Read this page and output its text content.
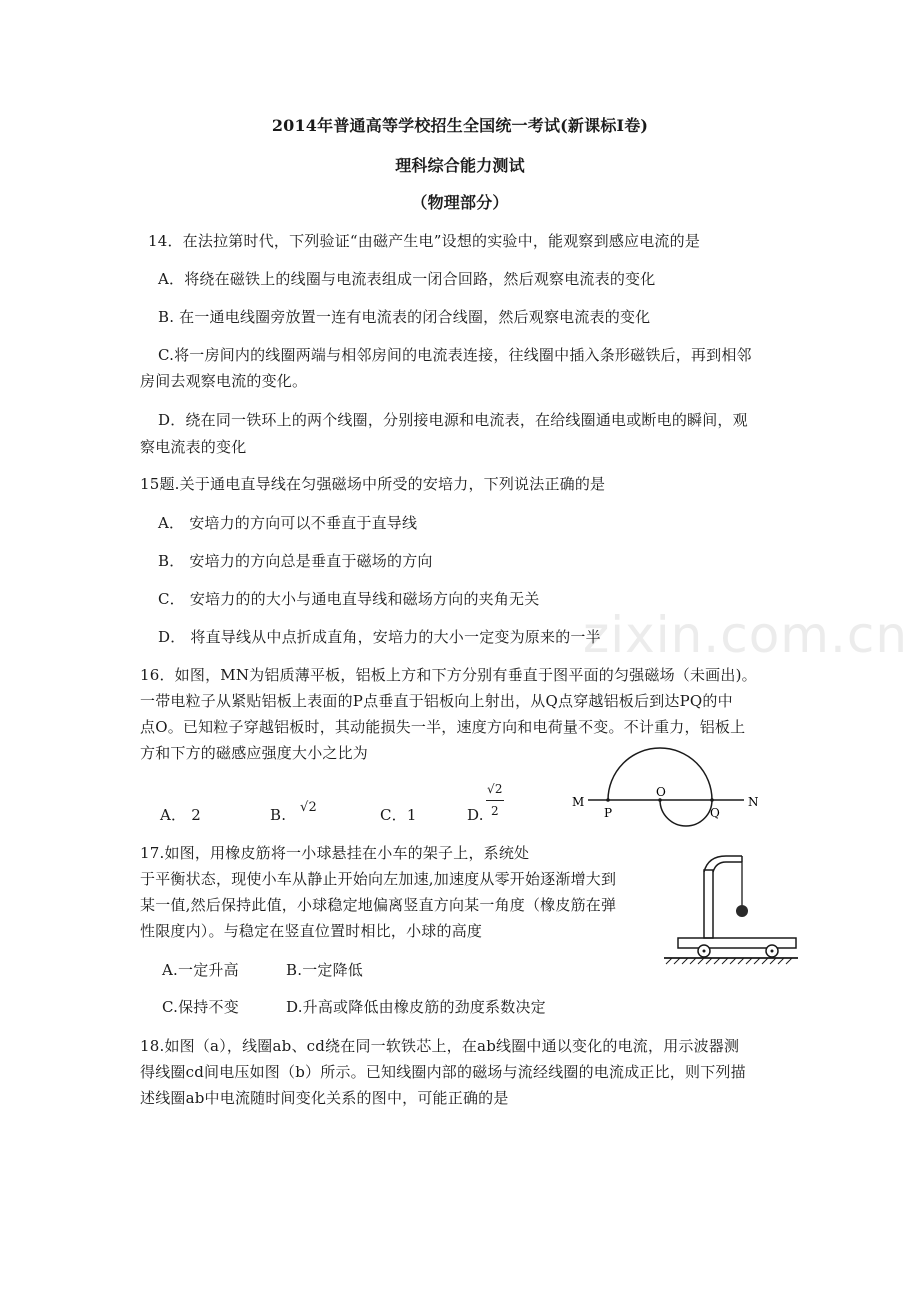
zixin.com.cn
2014年普通高等学校招生全国统一考试(新课标Ⅰ卷)
理科综合能力测试
（物理部分）
14．在法拉第时代，下列验证“由磁产生电”设想的实验中，能观察到感应电流的是
A．将绕在磁铁上的线圈与电流表组成一闭合回路，然后观察电流表的变化
B. 在一通电线圈旁放置一连有电流表的闭合线圈，然后观察电流表的变化
C.将一房间内的线圈两端与相邻房间的电流表连接，往线圈中插入条形磁铁后，再到相邻
房间去观察电流的变化。
D．绕在同一铁环上的两个线圈，分别接电源和电流表，在给线圈通电或断电的瞬间，观
察电流表的变化
15题.关于通电直导线在匀强磁场中所受的安培力，下列说法正确的是
A． 安培力的方向可以不垂直于直导线
B． 安培力的方向总是垂直于磁场的方向
C． 安培力的的大小与通电直导线和磁场方向的夹角无关
D． 将直导线从中点折成直角，安培力的大小一定变为原来的一半
16．如图，MN为铝质薄平板，铝板上方和下方分别有垂直于图平面的匀强磁场（未画出)。
一带电粒子从紧贴铝板上表面的P点垂直于铝板向上射出，从Q点穿越铝板后到达PQ的中
点O。已知粒子穿越铝板时，其动能损失一半，速度方向和电荷量不变。不计重力，铝板上
方和下方的磁感应强度大小之比为
A． 2	B. √2	C．1	D.
√2
2
M	N
P
O
Q
17.如图，用橡皮筋将一小球悬挂在小车的架子上，系统处
于平衡状态，现使小车从静止开始向左加速,加速度从零开始逐渐增大到
某一值,然后保持此值，小球稳定地偏离竖直方向某一角度（橡皮筋在弹
性限度内）。与稳定在竖直位置时相比，小球的高度
A.一定升高	B.一定降低
C.保持不变	D.升高或降低由橡皮筋的劲度系数决定
18.如图（a），线圈ab、cd绕在同一软铁芯上，在ab线圈中通以变化的电流，用示波器测
得线圈cd间电压如图（b）所示。已知线圈内部的磁场与流经线圈的电流成正比，则下列描
述线圈ab中电流随时间变化关系的图中，可能正确的是
